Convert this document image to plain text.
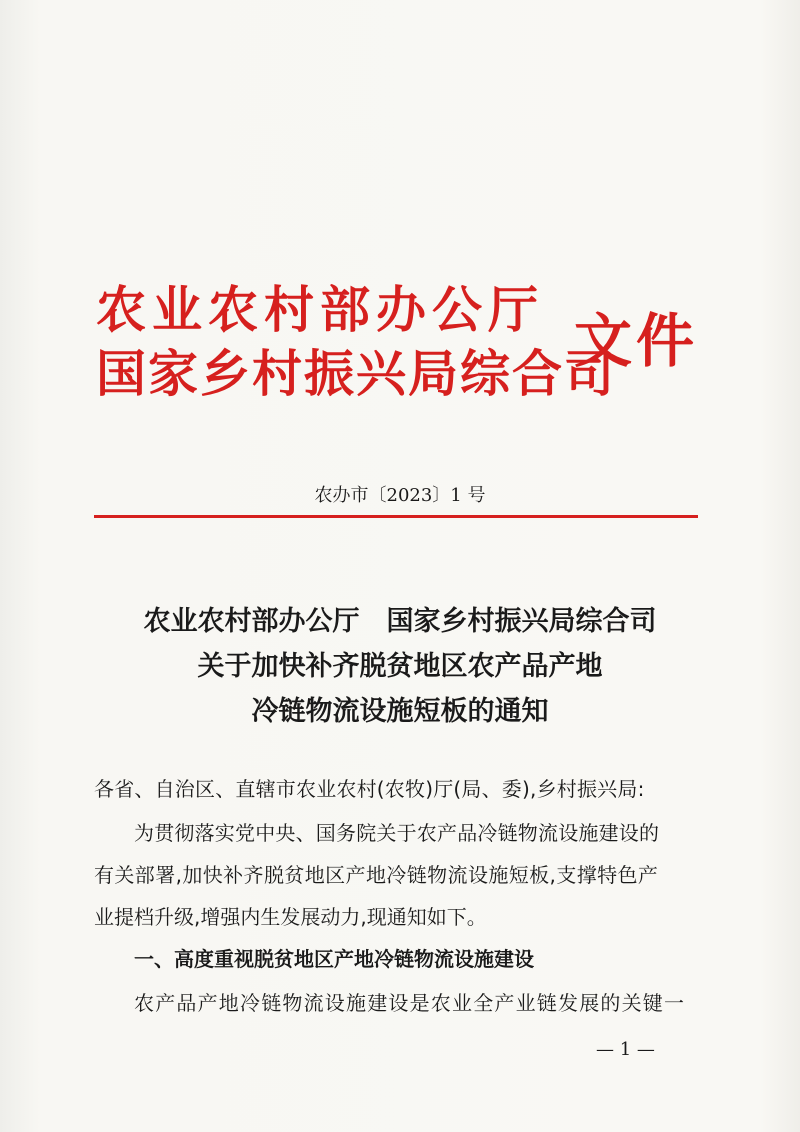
农业农村部办公厅
国家乡村振兴局综合司
文件
农办市〔2023〕1 号
农业农村部办公厅　国家乡村振兴局综合司
关于加快补齐脱贫地区农产品产地
冷链物流设施短板的通知
各省、自治区、直辖市农业农村(农牧)厅(局、委),乡村振兴局:
为贯彻落实党中央、国务院关于农产品冷链物流设施建设的
有关部署,加快补齐脱贫地区产地冷链物流设施短板,支撑特色产
业提档升级,增强内生发展动力,现通知如下。
一、高度重视脱贫地区产地冷链物流设施建设
农产品产地冷链物流设施建设是农业全产业链发展的关键一
— 1 —
